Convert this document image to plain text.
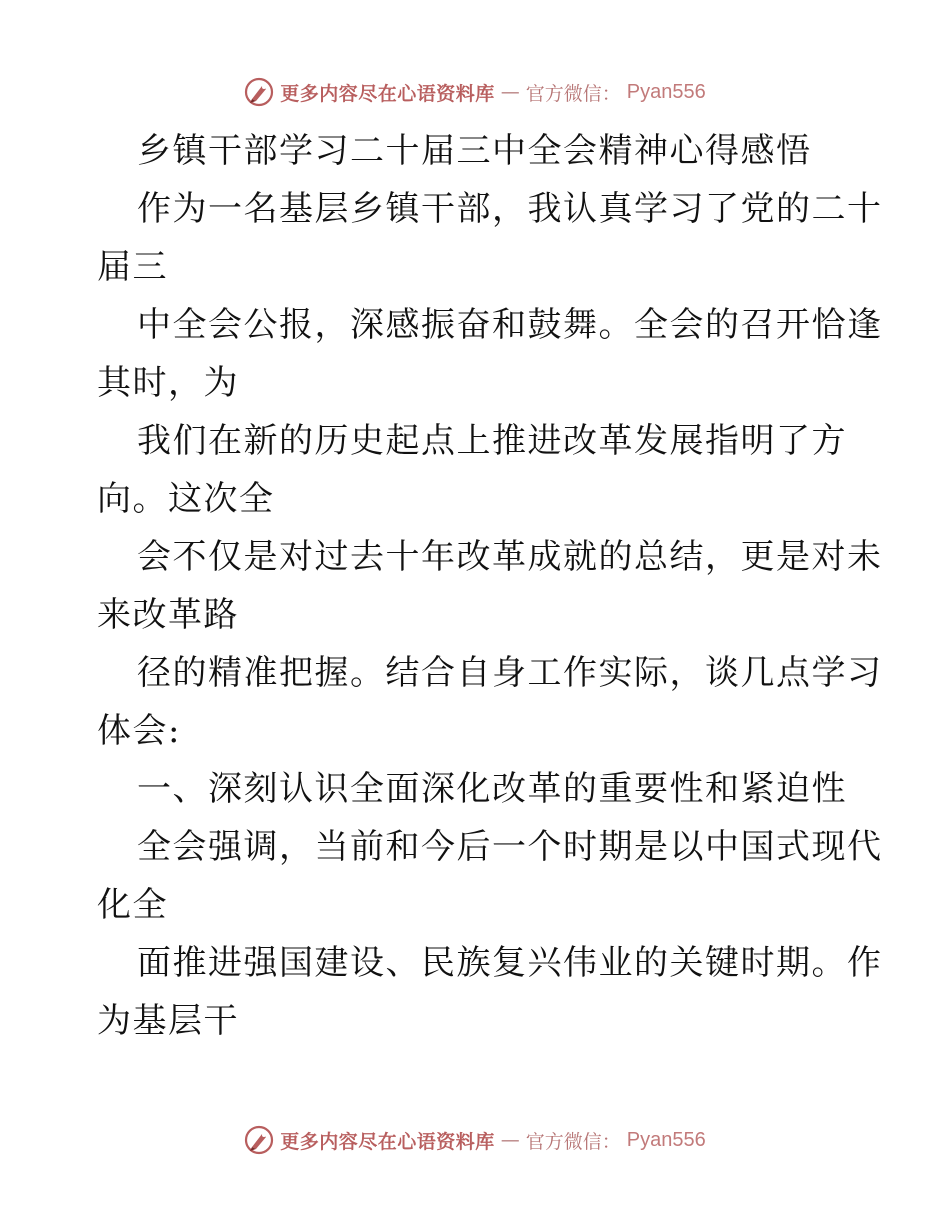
更多内容尽在心语资料库 — 官方微信： Pyan556
乡镇干部学习二十届三中全会精神心得感悟
作为一名基层乡镇干部，我认真学习了党的二十
届三
中全会公报，深感振奋和鼓舞。全会的召开恰逢
其时，为
我们在新的历史起点上推进改革发展指明了方
向。这次全
会不仅是对过去十年改革成就的总结，更是对未
来改革路
径的精准把握。结合自身工作实际，谈几点学习
体会:
一、深刻认识全面深化改革的重要性和紧迫性
全会强调，当前和今后一个时期是以中国式现代
化全
面推进强国建设、民族复兴伟业的关键时期。作
为基层干
更多内容尽在心语资料库 — 官方微信： Pyan556
